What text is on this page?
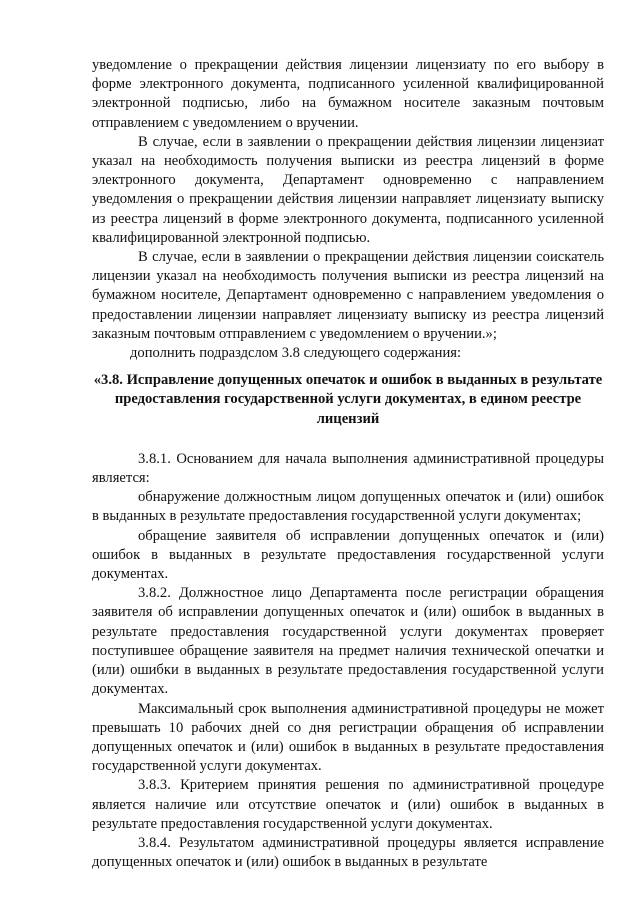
уведомление о прекращении действия лицензии лицензиату по его выбору в форме электронного документа, подписанного усиленной квалифицированной электронной подписью, либо на бумажном носителе заказным почтовым отправлением с уведомлением о вручении.

В случае, если в заявлении о прекращении действия лицензии лицензиат указал на необходимость получения выписки из реестра лицензий в форме электронного документа, Департамент одновременно с направлением уведомления о прекращении действия лицензии направляет лицензиату выписку из реестра лицензий в форме электронного документа, подписанного усиленной квалифицированной электронной подписью.

В случае, если в заявлении о прекращении действия лицензии соискатель лицензии указал на необходимость получения выписки из реестра лицензий на бумажном носителе, Департамент одновременно с направлением уведомления о предоставлении лицензии направляет лицензиату выписку из реестра лицензий заказным почтовым отправлением с уведомлением о вручении.»;

дополнить подраздслом 3.8 следующего содержания:

«3.8. Исправление допущенных опечаток и ошибок в выданных в результате предоставления государственной услуги документах, в едином реестре лицензий

3.8.1. Основанием для начала выполнения административной процедуры является:

обнаружение должностным лицом допущенных опечаток и (или) ошибок в выданных в результате предоставления государственной услуги документах;

обращение заявителя об исправлении допущенных опечаток и (или) ошибок в выданных в результате предоставления государственной услуги документах.

3.8.2. Должностное лицо Департамента после регистрации обращения заявителя об исправлении допущенных опечаток и (или) ошибок в выданных в результате предоставления государственной услуги документах проверяет поступившее обращение заявителя на предмет наличия технической опечатки и (или) ошибки в выданных в результате предоставления государственной услуги документах.

Максимальный срок выполнения административной процедуры не может превышать 10 рабочих дней со дня регистрации обращения об исправлении допущенных опечаток и (или) ошибок в выданных в результате предоставления государственной услуги документах.

3.8.3. Критерием принятия решения по административной процедуре является наличие или отсутствие опечаток и (или) ошибок в выданных в результате предоставления государственной услуги документах.

3.8.4. Результатом административной процедуры является исправление допущенных опечаток и (или) ошибок в выданных в результате
